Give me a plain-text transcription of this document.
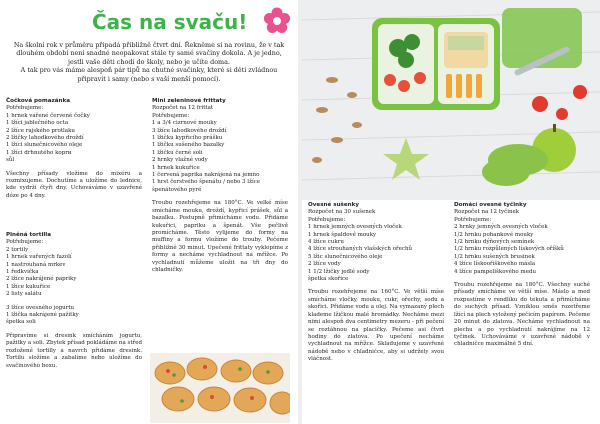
Čas na svaču!
Na školní rok v průměru připadá přibližně čtvrt dní. Řekněme si na rovinu, že v tak dlouhém období není snadné neopakovat stále ty samé svačiny dokola. A je jedno, jestli vaše děti chodí do školy, nebo je učíte doma.
A tak pro vás máme alespoň pár tipů na chutné svačinky, které si děti zvládnou připravit i samy (nebo s vaší menší pomocí).
Čočková pomazánka

Potřebujeme:

1 hrnek vařené červené čočky

1 lžíci jablečného octa

2 lžíce rajského protlaku

2 lžičky lahodkového droždí

1 lžíci slunečnicového oleje

1 lžíci drhnutého koprи

sůl

Všechny přísady vložíme do mixéru a rozmixujeme. Dochutíme a uložíme do lednice, kde vydrží čtyři dny. Uchováváme v uzavřené dóze po 4 dny.

Plněná tortilla

Potřebujeme:

2 tortily

1 hrnek vařených fazolí

1 nastrouhaná mrkev

1 ředkvička

2 lžíce nakrájené papriky

1 lžíce kukuřice

2 listy salátu

3 lžíce ovesného jogurtu

1 lžička nakrájené pažitky

špetka soli

Připravíme si dresink smícháním jogurtu, pažitky a soli. Zbytek přísad pokládáme na střed rozložené tortilly a navrch přidáme dresink. Tortilu složíme a zabalíme nebo uložíme do svačinového boxu.

Mini zeleninové frittaty

Rozpočet na 12 frittat

Potřebujeme:

1 a 3/4 cizrnové mouky

3 lžíce lahodkového droždí

1 lžičku kypřicího prášku

1 lžičku sušeného bazalky

1 lžičku černé soli

2 hrnky vlažné vody

1 hrnek kukuřice

1 červená paprika nakrájená na jemno

1 hrst čerstvého špenátu / nebo 3 lžíce špenátového pyré

Troubu rozehřejeme na 180°C. Ve velké míse smícháme mouku, droždí, kypřicí prášek, sůl a bazalku. Postupně přimícháme vodu. Přidáme kukuřici, papriku a špenát. Vše pečlivě promícháme. Těsto vylijeme do formy na muffiny a formu vložíme do trouby. Pečeme přibližně 30 minut. Upečené frittaty vyklopíme z formy a necháme vychladnout na mřížce. Po vychladnutí můžeme uložit na tři dny do chladničky.

Ovesné sušenky

Rozpočet na 30 sušenek

Potřebujeme:

1 hrnek jemných ovesných vloček

1 hrnek špaldové mouky

4 lžíce cukru

4 lžíce strouhaných vlašských ořechů

5 lžic slunečnicového oleje

2 lžíce vody

1 1/2 lžičky jedlé sody

špetka skořice

Troubu rozehřejeme na 160°C. Ve větší míse smícháme vločky, mouku, cukr, ořechy, sodu a skořici. Přidáme vodu a olej. Na vymazaný plech klademe lžičkou malé hromádky. Necháme mezi nimi alespoň dva centimetry mezeru - při pečení se roztáhnou na placičky. Pečeme asi čtvrt hodiny do zlatova. Po upečení necháme vychladnout na mřížce. Skladujeme v uzavřené nádobě nebo v chladničce, aby si udržely svou vláčnost.

Domácí ovesné tyčinky

Rozpočet na 12 tyčinek

Potřebujeme:

2 hrnky jemných ovesných vloček

1/2 hrnku pohankové mouky

1/2 hrnku dýňových semínek

1/2 hrnku rozpůlených lískových oříšků

1/2 hrnku sušených brusinek

4 lžíce lískooříškového másla

4 lžíce pampeliškového medu

Troubu rozehřejeme na 180°C. Všechny suché přísady smícháme ve větší míse. Máslo a med rozpustíme v rendlíku do tekuta a přimícháme do suchých přísad. Vzniklou směs rozetřeme lžící na plech vyložený pečicím papírem. Pečeme 20 minut do zlatova. Necháme vychladnout na plechu a po vychladnutí nakrájíme na 12 tyčinek. Uchováváme v uzavřené nádobě v chladničce maximálně 5 dní.
